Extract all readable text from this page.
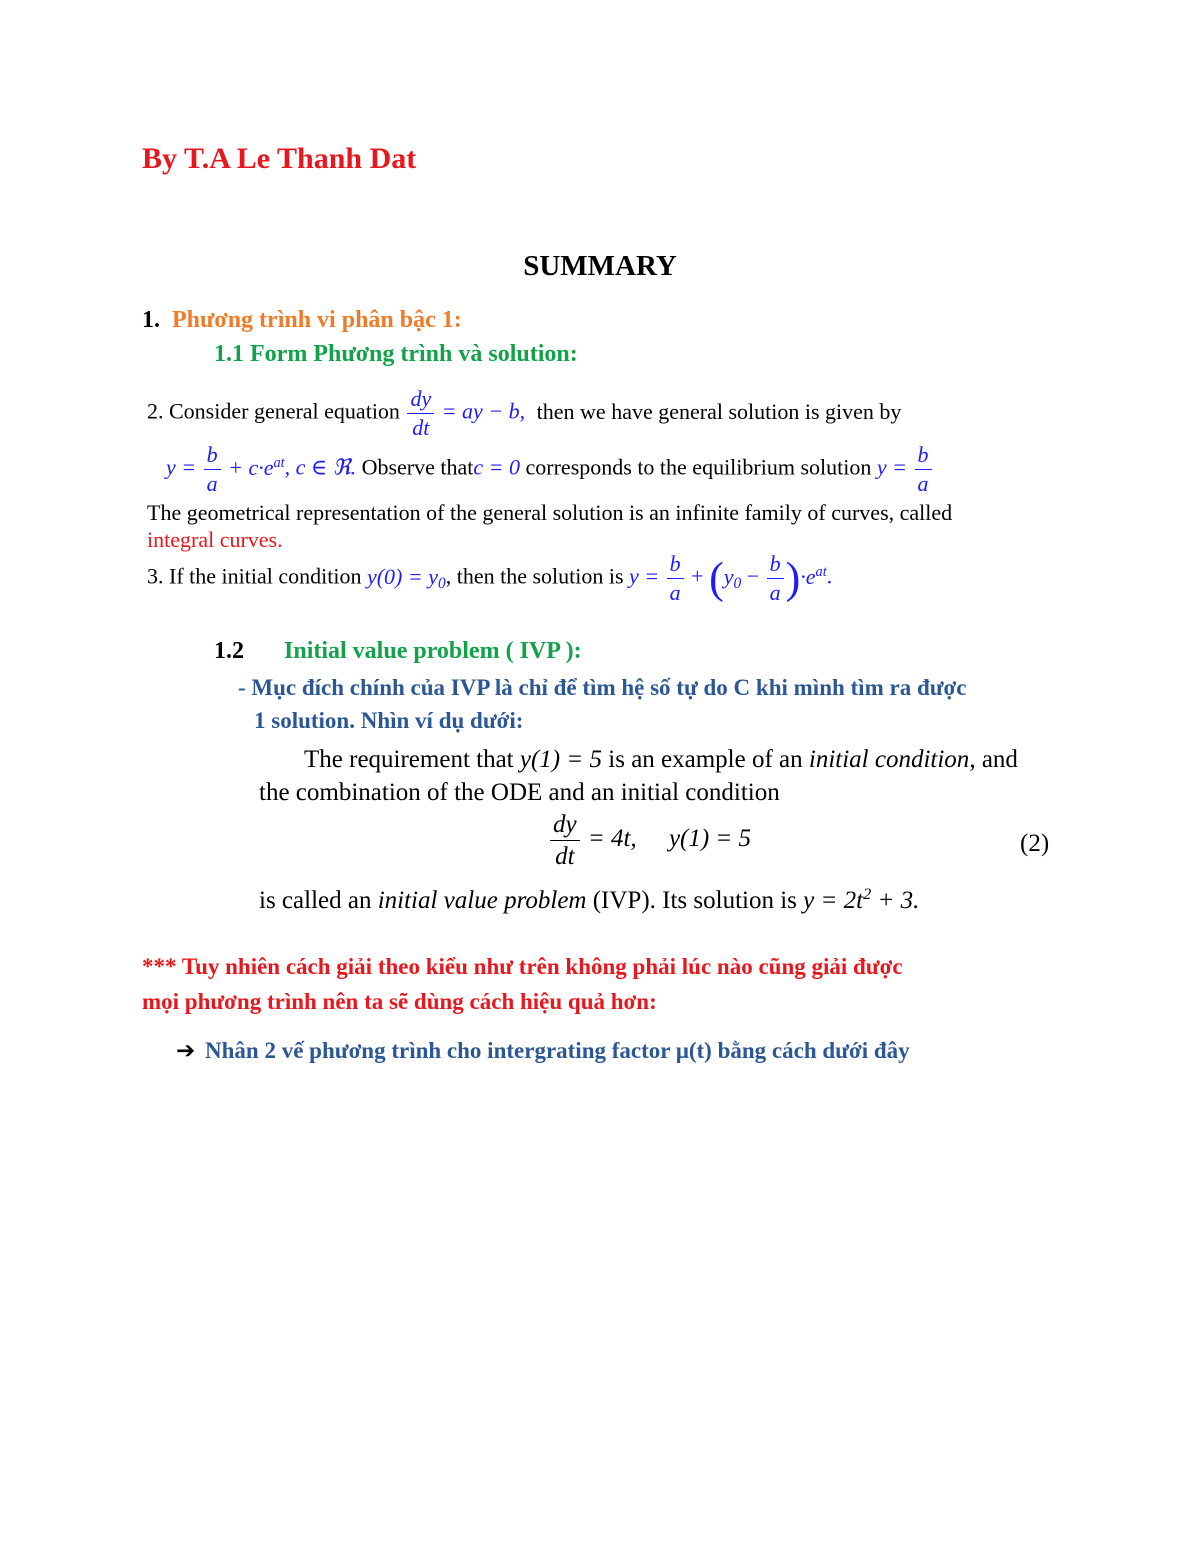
By T.A Le Thanh Dat
SUMMARY
1. Phương trình vi phân bậc 1:
1.1 Form Phương trình và solution:
2. Consider general equation $\frac{dy}{dt}$ = ay − b, then we have general solution is given by
$y = \frac{b}{a} + c\cdot e^{at}$, c ∈ ℜ. Observe thatc = 0 corresponds to the equilibrium solution $y = \frac{b}{a}$
The geometrical representation of the general solution is an infinite family of curves, called
integral curves.
3. If the initial condition $y(0) = y_0$, then the solution is $y = \frac{b}{a} + (y_0 - \frac{b}{a} )\cdot e^{at}$.
1.2 Initial value problem ( IVP ):
- Mục đích chính của IVP là chỉ để tìm hệ số tự do C khi mình tìm ra được
1 solution. Nhìn ví dụ dưới:
The requirement that y(1) = 5 is an example of an initial condition, and
the combination of the ODE and an initial condition
$\frac{dy}{dt} = 4t$, y(1) = 5	(2)
is called an initial value problem (IVP). Its solution is $y = 2t^2 + 3$.
*** Tuy nhiên cách giải theo kiểu như trên không phải lúc nào cũng giải được
mọi phương trình nên ta sẽ dùng cách hiệu quả hơn:
➔ Nhân 2 vế phương trình cho intergrating factor μ(t) bằng cách dưới đây
